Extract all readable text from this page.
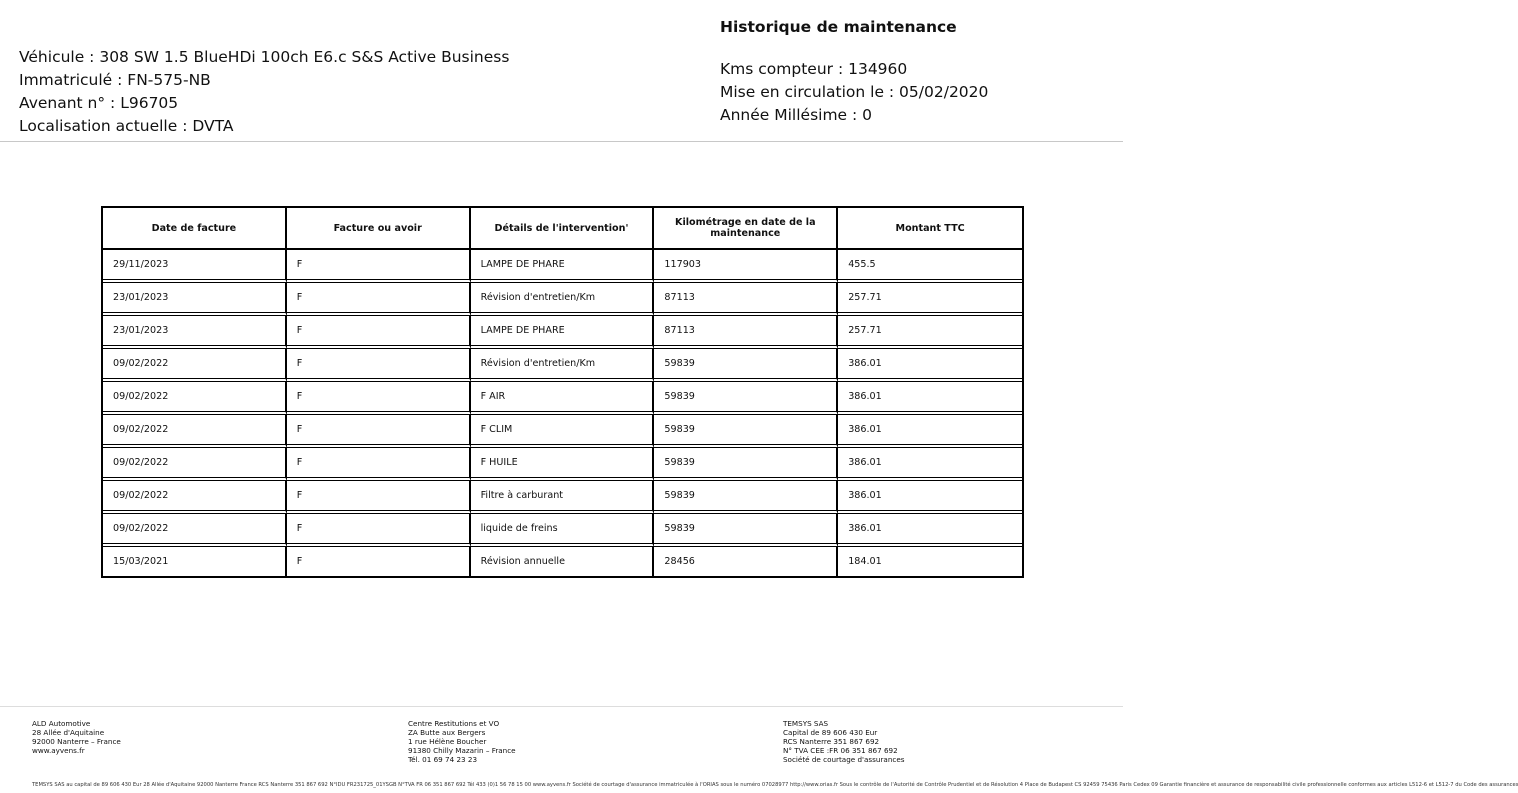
Véhicule : 308 SW 1.5 BlueHDi 100ch E6.c S&S Active Business
Immatriculé : FN-575-NB
Avenant n° : L96705
Localisation actuelle : DVTA
Historique de maintenance
Kms compteur : 134960
Mise en circulation le : 05/02/2020
Année Millésime : 0
Date de facture	Facture ou avoir	Détails de l'intervention'	Kilométrage en date de la maintenance	Montant TTC
29/11/2023	F	LAMPE DE PHARE	117903	455.5
23/01/2023	F	Révision d'entretien/Km	87113	257.71
23/01/2023	F	LAMPE DE PHARE	87113	257.71
09/02/2022	F	Révision d'entretien/Km	59839	386.01
09/02/2022	F	F AIR	59839	386.01
09/02/2022	F	F CLIM	59839	386.01
09/02/2022	F	F HUILE	59839	386.01
09/02/2022	F	Filtre à carburant	59839	386.01
09/02/2022	F	liquide de freins	59839	386.01
15/03/2021	F	Révision annuelle	28456	184.01
ALD Automotive
28 Allée d'Aquitaine
92000 Nanterre – France
www.ayvens.fr
Centre Restitutions et VO
ZA Butte aux Bergers
1 rue Hélène Boucher
91380 Chilly Mazarin – France
Tél. 01 69 74 23 23
TEMSYS SAS
Capital de 89 606 430 Eur
RCS Nanterre 351 867 692
N° TVA CEE :FR 06 351 867 692
Société de courtage d'assurances
TEMSYS SAS au capital de 89 606 430 Eur 28 Allée d'Aquitaine 92000 Nanterre France RCS Nanterre 351 867 692 N°IDU FR231725_01YSGB N°TVA FR 06 351 867 692 Tél 433 (0)1 56 78 15 00 www.ayvens.fr Société de courtage d'assurance immatriculée à l'ORIAS sous le numéro 07028977 http://www.orias.fr Sous le contrôle de l'Autorité de Contrôle Prudentiel et de Résolution 4 Place de Budapest CS 92459 75436 Paris Cedex 09 Garantie financière et assurance de responsabilité civile professionnelle conformes aux articles L512-6 et L512-7 du Code des assurances
